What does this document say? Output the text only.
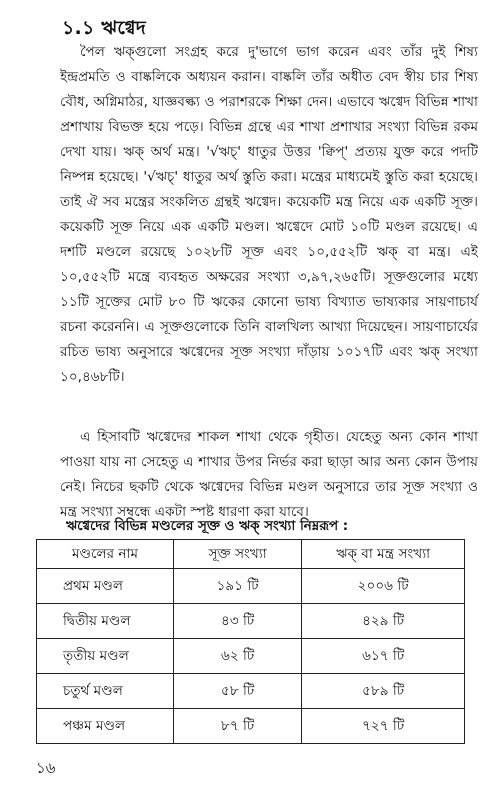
১.১ ঋগ্বেদ

পৈল ঋক্‌গুলো সংগ্রহ করে দু'ভাগে ভাগ করেন এবং তাঁর দুই শিষ্য ইন্দ্রপ্রমতি ও বাষ্কলিকে অধ্যয়ন করান। বাষ্কলি তাঁর অধীত বেদ স্বীয় চার শিষ্য বৌধ, অগ্নিমাঠর, যাজ্ঞবল্ক্য ও পরাশরকে শিক্ষা দেন। এভাবে ঋগ্বেদ বিভিন্ন শাখা প্রশাখায় বিভক্ত হয়ে পড়ে। বিভিন্ন গ্রন্থে এর শাখা প্রশাখার সংখ্যা বিভিন্ন রকম দেখা যায়। ঋক্‌ অর্থ মন্ত্র। '√ঋচ্‌' ধাতুর উত্তর 'ক্বিপ্‌' প্রত্যয় যুক্ত করে পদটি নিষ্পন্ন হয়েছে। '√ঋচ্‌' ধাতুর অর্থ স্তুতি করা। মন্ত্রের মাধ্যমেই স্তুতি করা হয়েছে। তাই ঐ সব মন্ত্রের সংকলিত গ্রন্থই ঋগ্বেদ। কয়েকটি মন্ত্র নিয়ে এক একটি সূক্ত। কয়েকটি সূক্ত নিয়ে এক একটি মণ্ডল। ঋগ্বেদে মোট ১০টি মণ্ডল রয়েছে। এ দশটি মণ্ডলে রয়েছে ১০২৮টি সূক্ত এবং ১০,৫৫২টি ঋক্‌ বা মন্ত্র। এই ১০,৫৫২টি মন্ত্রে ব্যবহৃত অক্ষরের সংখ্যা ৩,৯৭,২৬৫টি। সূক্তগুলোর মধ্যে ১১টি সূক্তের মোট ৮০ টি ঋকের কোনো ভাষ্য বিখ্যাত ভাষ্যকার সায়ণাচার্য রচনা করেননি। এ সূক্তগুলোকে তিনি বালখিল্য আখ্যা দিয়েছেন। সায়ণাচার্যের রচিত ভাষ্য অনুসারে ঋগ্বেদের সূক্ত সংখ্যা দাঁড়ায় ১০১৭টি এবং ঋক্‌ সংখ্যা ১০,৪৬৮টি।

এ হিসাবটি ঋগ্বেদের শাকল শাখা থেকে গৃহীত। যেহেতু অন্য কোন শাখা পাওয়া যায় না সেহেতু এ শাখার উপর নির্ভর করা ছাড়া আর অন্য কোন উপায় নেই। নিচের ছকটি থেকে ঋগ্বেদের বিভিন্ন মণ্ডল অনুসারে তার সূক্ত সংখ্যা ও মন্ত্র সংখ্যা সম্বন্ধে একটা স্পষ্ট ধারণা করা যাবে।

ঋগ্বেদের বিভিন্ন মণ্ডলের সূক্ত ও ঋক্‌ সংখ্যা নিম্নরূপ :
মণ্ডলের নাম	সূক্ত সংখ্যা	ঋক্‌ বা মন্ত্র সংখ্যা
প্রথম মণ্ডল	১৯১ টি	২০০৬ টি
দ্বিতীয় মণ্ডল	৪৩ টি	৪২৯ টি
তৃতীয় মণ্ডল	৬২ টি	৬১৭ টি
চতুর্থ মণ্ডল	৫৮ টি	৫৮৯ টি
পঞ্চম মণ্ডল	৮৭ টি	৭২৭ টি
১৬
